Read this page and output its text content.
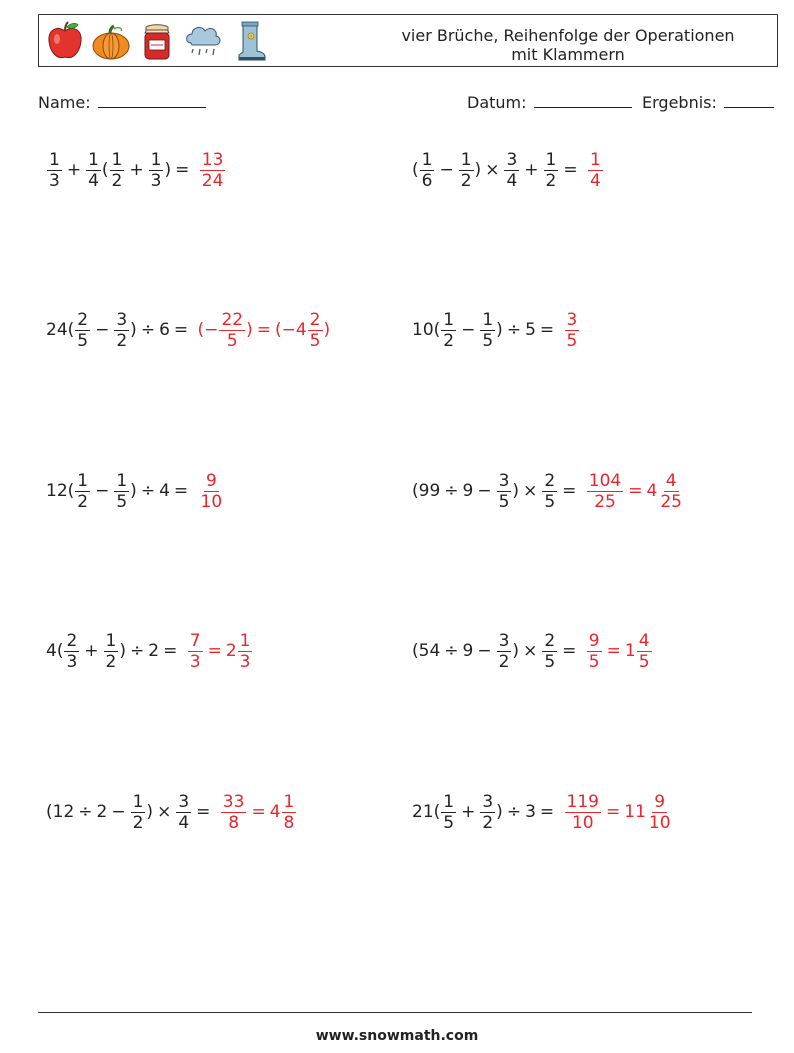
vier Brüche, Reihenfolge der Operationen
mit Klammern
Name:	Datum:	Ergebnis:
$\frac{1}{3} + \frac{1}{4}$ ( $\frac{1}{2} + \frac{1}{3}$ ) =
$\frac{13}{24}$	( $\frac{1}{6} - \frac{1}{2}$ ) × $\frac{3}{4} + \frac{1}{2}$ =
$\frac{1}{4}$
$24( \frac{2}{5} - \frac{3}{2}$ ) ÷ 6 =
(− $\frac{22}{5}$ ) = ($-4 \frac{2}{5}$ )	$10( \frac{1}{2} - \frac{1}{5}$ ) ÷ 5 =
$\frac{3}{5}$
$12( \frac{1}{2} - \frac{1}{5}$ ) ÷ 4 =
$\frac{9}{10}$	($99 \div 9 - \frac{3}{5}$ ) × $\frac{2}{5}$ =
$\frac{104}{25} = 4 \frac{4}{25}$
$4( \frac{2}{3} + \frac{1}{2}$ ) ÷ 2 =
$\frac{7}{3} = 2 \frac{1}{3}$	($54 \div 9 - \frac{3}{2}$ ) × $\frac{2}{5}$ =
$\frac{9}{5} = 1 \frac{4}{5}$
($12 \div 2 - \frac{1}{2}$ ) × $\frac{3}{4}$ =
$\frac{33}{8} = 4 \frac{1}{8}$	$21( \frac{1}{5} + \frac{3}{2}$ ) ÷ 3 =
$\frac{119}{10} = 11 \frac{9}{10}$
www.snowmath.com
